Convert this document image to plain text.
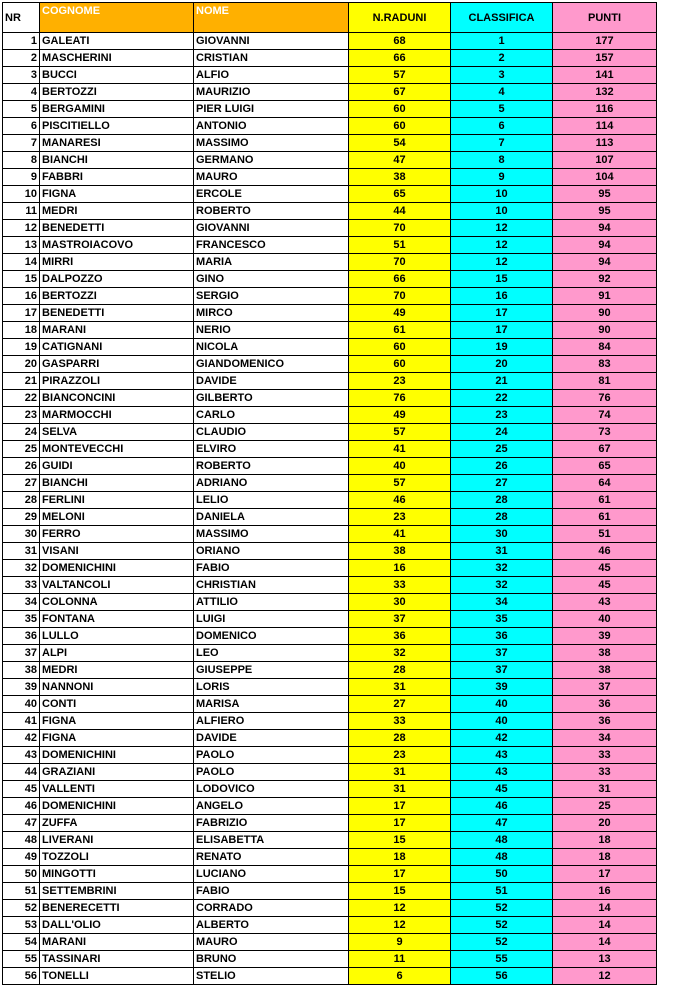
NR	COGNOME	NOME	N.RADUNI	CLASSIFICA	PUNTI
1	GALEATI	GIOVANNI	68	1	177
2	MASCHERINI	CRISTIAN	66	2	157
3	BUCCI	ALFIO	57	3	141
4	BERTOZZI	MAURIZIO	67	4	132
5	BERGAMINI	PIER LUIGI	60	5	116
6	PISCITIELLO	ANTONIO	60	6	114
7	MANARESI	MASSIMO	54	7	113
8	BIANCHI	GERMANO	47	8	107
9	FABBRI	MAURO	38	9	104
10	FIGNA	ERCOLE	65	10	95
11	MEDRI	ROBERTO	44	10	95
12	BENEDETTI	GIOVANNI	70	12	94
13	MASTROIACOVO	FRANCESCO	51	12	94
14	MIRRI	MARIA	70	12	94
15	DALPOZZO	GINO	66	15	92
16	BERTOZZI	SERGIO	70	16	91
17	BENEDETTI	MIRCO	49	17	90
18	MARANI	NERIO	61	17	90
19	CATIGNANI	NICOLA	60	19	84
20	GASPARRI	GIANDOMENICO	60	20	83
21	PIRAZZOLI	DAVIDE	23	21	81
22	BIANCONCINI	GILBERTO	76	22	76
23	MARMOCCHI	CARLO	49	23	74
24	SELVA	CLAUDIO	57	24	73
25	MONTEVECCHI	ELVIRO	41	25	67
26	GUIDI	ROBERTO	40	26	65
27	BIANCHI	ADRIANO	57	27	64
28	FERLINI	LELIO	46	28	61
29	MELONI	DANIELA	23	28	61
30	FERRO	MASSIMO	41	30	51
31	VISANI	ORIANO	38	31	46
32	DOMENICHINI	FABIO	16	32	45
33	VALTANCOLI	CHRISTIAN	33	32	45
34	COLONNA	ATTILIO	30	34	43
35	FONTANA	LUIGI	37	35	40
36	LULLO	DOMENICO	36	36	39
37	ALPI	LEO	32	37	38
38	MEDRI	GIUSEPPE	28	37	38
39	NANNONI	LORIS	31	39	37
40	CONTI	MARISA	27	40	36
41	FIGNA	ALFIERO	33	40	36
42	FIGNA	DAVIDE	28	42	34
43	DOMENICHINI	PAOLO	23	43	33
44	GRAZIANI	PAOLO	31	43	33
45	VALLENTI	LODOVICO	31	45	31
46	DOMENICHINI	ANGELO	17	46	25
47	ZUFFA	FABRIZIO	17	47	20
48	LIVERANI	ELISABETTA	15	48	18
49	TOZZOLI	RENATO	18	48	18
50	MINGOTTI	LUCIANO	17	50	17
51	SETTEMBRINI	FABIO	15	51	16
52	BENERECETTI	CORRADO	12	52	14
53	DALL'OLIO	ALBERTO	12	52	14
54	MARANI	MAURO	9	52	14
55	TASSINARI	BRUNO	11	55	13
56	TONELLI	STELIO	6	56	12
